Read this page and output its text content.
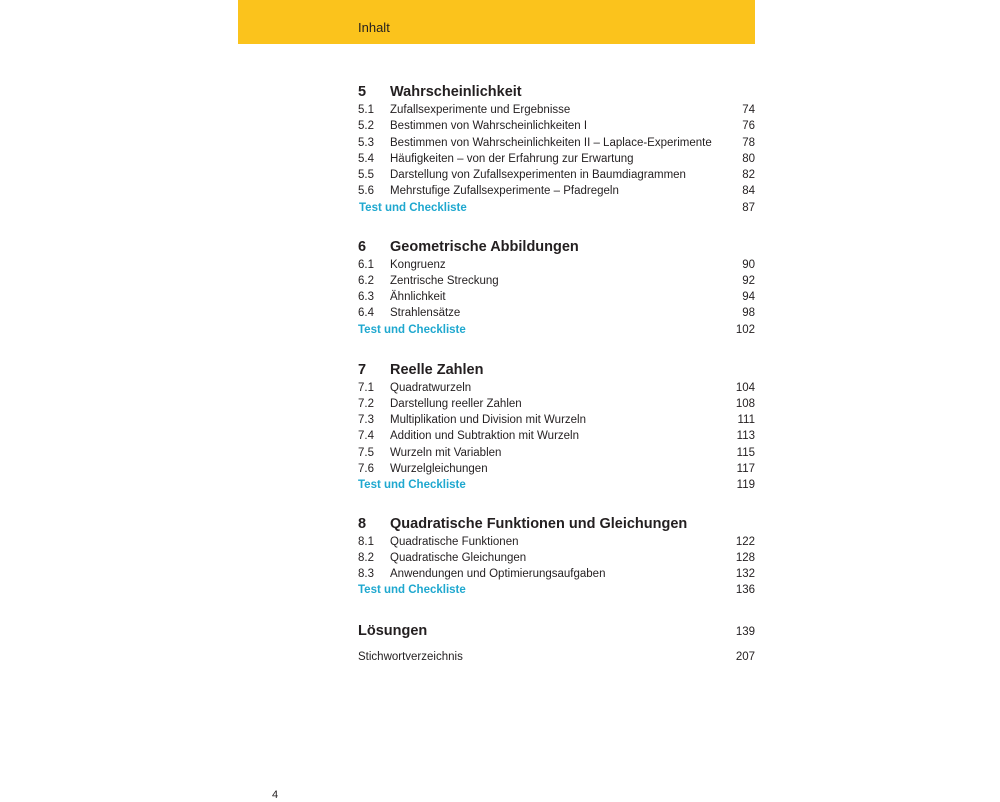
Inhalt
5 Wahrscheinlichkeit
5.1 Zufallsexperimente und Ergebnisse	74
5.2 Bestimmen von Wahrscheinlichkeiten I	76
5.3 Bestimmen von Wahrscheinlichkeiten II – Laplace-Experimente	78
5.4 Häufigkeiten – von der Erfahrung zur Erwartung	80
5.5 Darstellung von Zufallsexperimenten in Baumdiagrammen	82
5.6 Mehrstufige Zufallsexperimente – Pfadregeln	84
Test und Checkliste	87
6 Geometrische Abbildungen
6.1 Kongruenz	90
6.2 Zentrische Streckung	92
6.3 Ähnlichkeit	94
6.4 Strahlensätze	98
Test und Checkliste	102
7 Reelle Zahlen
7.1 Quadratwurzeln	104
7.2 Darstellung reeller Zahlen	108
7.3 Multiplikation und Division mit Wurzeln	111
7.4 Addition und Subtraktion mit Wurzeln	113
7.5 Wurzeln mit Variablen	115
7.6 Wurzelgleichungen	117
Test und Checkliste	119
8 Quadratische Funktionen und Gleichungen
8.1 Quadratische Funktionen	122
8.2 Quadratische Gleichungen	128
8.3 Anwendungen und Optimierungsaufgaben	132
Test und Checkliste	136
Lösungen	139
Stichwortverzeichnis	207
4
